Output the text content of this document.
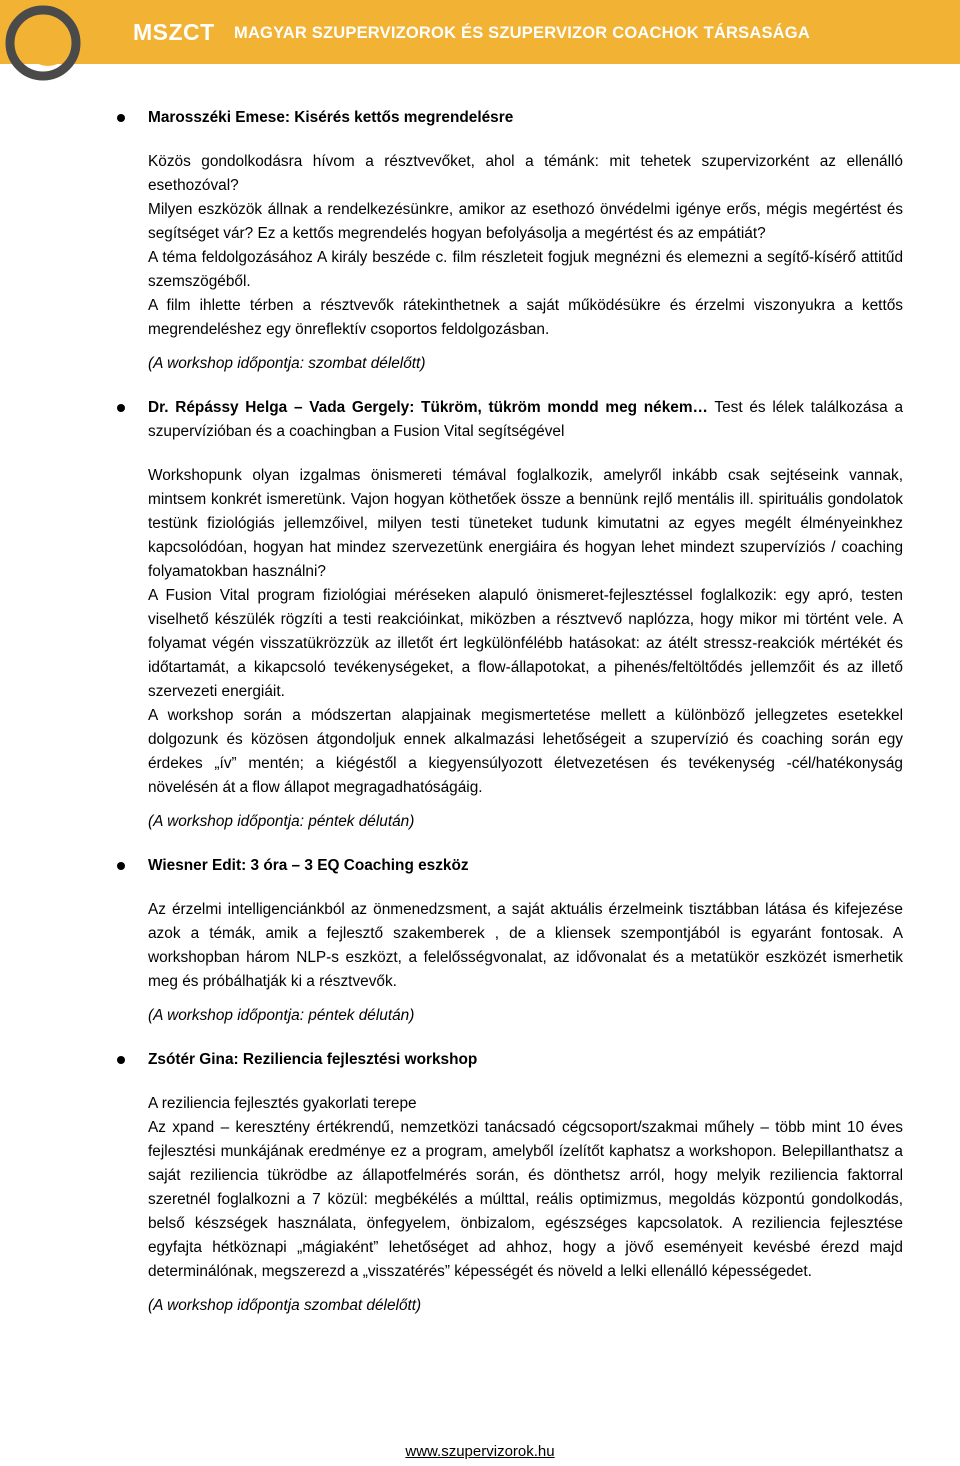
MSZCT MAGYAR SZUPERVIZOROK ÉS SZUPERVIZOR COACHOK TÁRSASÁGA

Marosszéki Emese: Kisérés kettős megrendelésre

Közös gondolkodásra hívom a résztvevőket, ahol a témánk: mit tehetek szupervizorként az ellenálló esethozóval?

Milyen eszközök állnak a rendelkezésünkre, amikor az esethozó önvédelmi igénye erős, mégis megértést és segítséget vár? Ez a kettős megrendelés hogyan befolyásolja a megértést és az empátiát?

A téma feldolgozásához A király beszéde c. film részleteit fogjuk megnézni és elemezni a segítő-kísérő attitűd szemszögéből.

A film ihlette térben a résztvevők rátekinthetnek a saját működésükre és érzelmi viszonyukra a kettős megrendeléshez egy önreflektív csoportos feldolgozásban.

(A workshop időpontja: szombat délelőtt)

Dr. Répássy Helga – Vada Gergely: Tükröm, tükröm mondd meg nékem… Test és lélek találkozása a szupervízióban és a coachingban a Fusion Vital segítségével

Workshopunk olyan izgalmas önismereti témával foglalkozik, amelyről inkább csak sejtéseink vannak, mintsem konkrét ismeretünk. Vajon hogyan köthetőek össze a bennünk rejlő mentális ill. spirituális gondolatok testünk fiziológiás jellemzőivel, milyen testi tüneteket tudunk kimutatni az egyes megélt élményeinkhez kapcsolódóan, hogyan hat mindez szervezetünk energiáira és hogyan lehet mindezt szupervíziós / coaching folyamatokban használni?

A Fusion Vital program fiziológiai méréseken alapuló önismeret-fejlesztéssel foglalkozik: egy apró, testen viselhető készülék rögzíti a testi reakcióinkat, miközben a résztvevő naplózza, hogy mikor mi történt vele. A folyamat végén visszatükrözzük az illetőt ért legkülönfélébb hatásokat: az átélt stressz-reakciók mértékét és időtartamát, a kikapcsoló tevékenységeket, a flow-állapotokat, a pihenés/feltöltődés jellemzőit és az illető szervezeti energiáit.

A workshop során a módszertan alapjainak megismertetése mellett a különböző jellegzetes esetekkel dolgozunk és közösen átgondoljuk ennek alkalmazási lehetőségeit a szupervízió és coaching során egy érdekes „ív” mentén; a kiégéstől a kiegyensúlyozott életvezetésen és tevékenység -cél/hatékonyság növelésén át a flow állapot megragadhatóságáig.

(A workshop időpontja: péntek délután)

Wiesner Edit: 3 óra – 3 EQ Coaching eszköz

Az érzelmi intelligenciánkból az önmenedzsment, a saját aktuális érzelmeink tisztábban látása és kifejezése azok a témák, amik a fejlesztő szakemberek , de a kliensek szempontjából is egyaránt fontosak. A workshopban három NLP-s eszközt, a felelősségvonalat, az idővonalat és a metatükör eszközét ismerhetik meg és próbálhatják ki a résztvevők.

(A workshop időpontja: péntek délután)

Zsótér Gina: Reziliencia fejlesztési workshop

A reziliencia fejlesztés gyakorlati terepe

Az xpand – keresztény értékrendű, nemzetközi tanácsadó cégcsoport/szakmai műhely – több mint 10 éves fejlesztési munkájának eredménye ez a program, amelyből ízelítőt kaphatsz a workshopon. Belepillanthatsz a saját reziliencia tükrödbe az állapotfelmérés során, és dönthetsz arról, hogy melyik reziliencia faktorral szeretnél foglalkozni a 7 közül: megbékélés a múlttal, reális optimizmus, megoldás központú gondolkodás, belső készségek használata, önfegyelem, önbizalom, egészséges kapcsolatok. A reziliencia fejlesztése egyfajta hétköznapi „mágiaként” lehetőséget ad ahhoz, hogy a jövő eseményeit kevésbé érezd majd determinálónak, megszerezd a „visszatérés” képességét és növeld a lelki ellenálló képességedet.

(A workshop időpontja szombat délelőtt)

www.szupervizorok.hu
